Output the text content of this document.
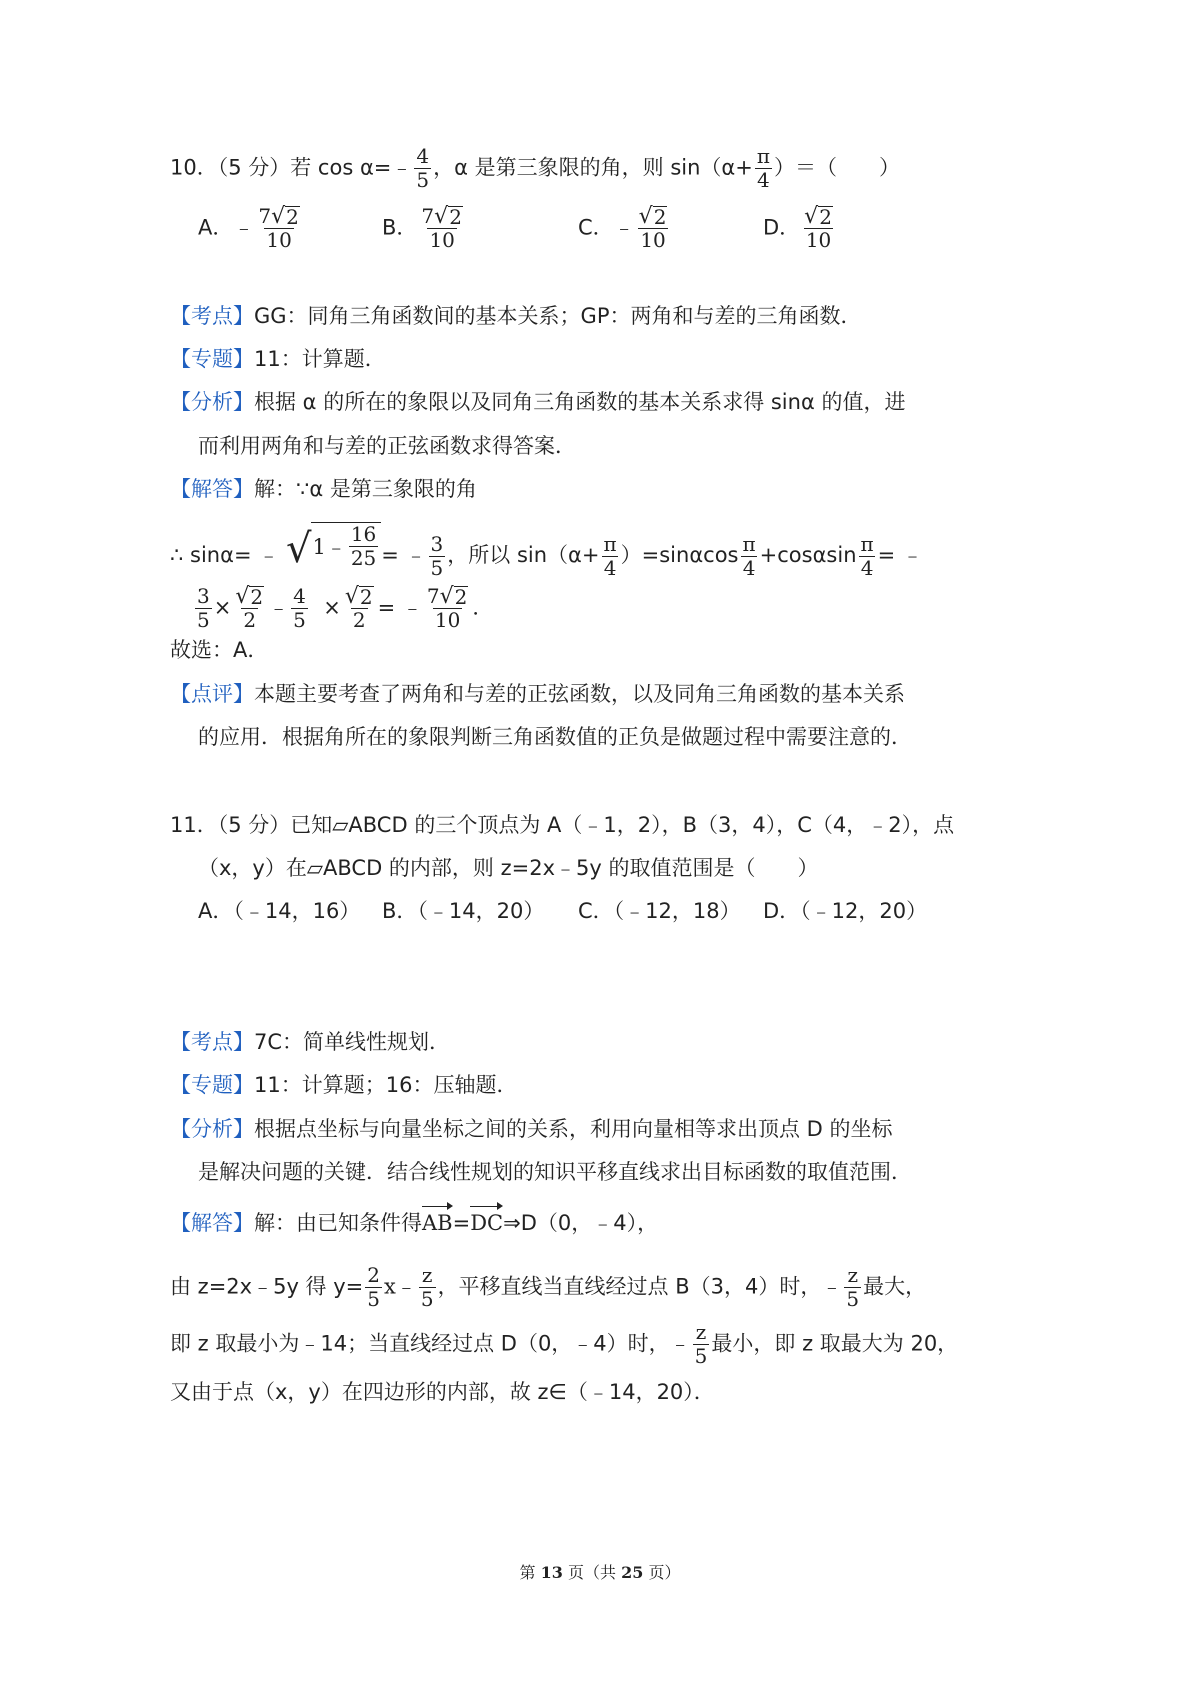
10．（5 分）若 cos α=﹣ $\frac{4}{5}$ ，α 是第三象限的角，则 $\sin(\alpha+ \frac{\pi}{4}$ ）＝（　　）
A．﹣ $\frac{7 √ 2}{10}$	B． $\frac{7 √ 2}{10}$	C．﹣ $\frac{√ 2}{10}$	D． $\frac{√ 2}{10}$
【考点】GG：同角三角函数间的基本关系；GP：两角和与差的三角函数．
【专题】11：计算题．
【分析】根据 α 的所在的象限以及同角三角函数的基本关系求得 sinα 的值，进
而利用两角和与差的正弦函数求得答案．
【解答】解：∵α 是第三象限的角
∴ sinα= ﹣ √ 1﹣ $\frac{16}{25}$ = ﹣ $\frac{3}{5}$ ，所以 $\sin(\alpha+ \frac{\pi}{4} )=\sin\alpha\cos \frac{\pi}{4} +\cos\alpha\sin \frac{\pi}{4}$ = ﹣
$\frac{3}{5} \times \frac{√ 2}{2}$ ﹣ $\frac{4}{5} \times \frac{√ 2}{2}$ = ﹣ $\frac{7 √ 2}{10}$ ．
故选：A．
【点评】本题主要考查了两角和与差的正弦函数，以及同角三角函数的基本关系
的应用．根据角所在的象限判断三角函数值的正负是做题过程中需要注意的．
11．（5 分）已知▱ABCD 的三个顶点为 A（﹣1，2），B（3，4），C（4，﹣2），点
（x，y）在▱ABCD 的内部，则 z=2x﹣5y 的取值范围是（　　）
A．（﹣14，16） B．（﹣14，20） C．（﹣12，18） D．（﹣12，20）
【考点】7C：简单线性规划．
【专题】11：计算题；16：压轴题．
【分析】根据点坐标与向量坐标之间的关系，利用向量相等求出顶点 D 的坐标
是解决问题的关键．结合线性规划的知识平移直线求出目标函数的取值范围．
【解答】解：由已知条件得AB=DC⇒D（0，﹣4），
由 z=2x﹣5y 得 $y= \frac{2}{5}$ x﹣ $\frac{z}{5}$ ，平移直线当直线经过点 B（3，4）时，﹣ $\frac{z}{5}$ 最大，
即 z 取最小为﹣14；当直线经过点 D（0，﹣4）时，﹣ $\frac{z}{5}$ 最小，即 z 取最大为 20，
又由于点（x，y）在四边形的内部，故 z∈（﹣14，20）．
第 13 页（共 25 页）
